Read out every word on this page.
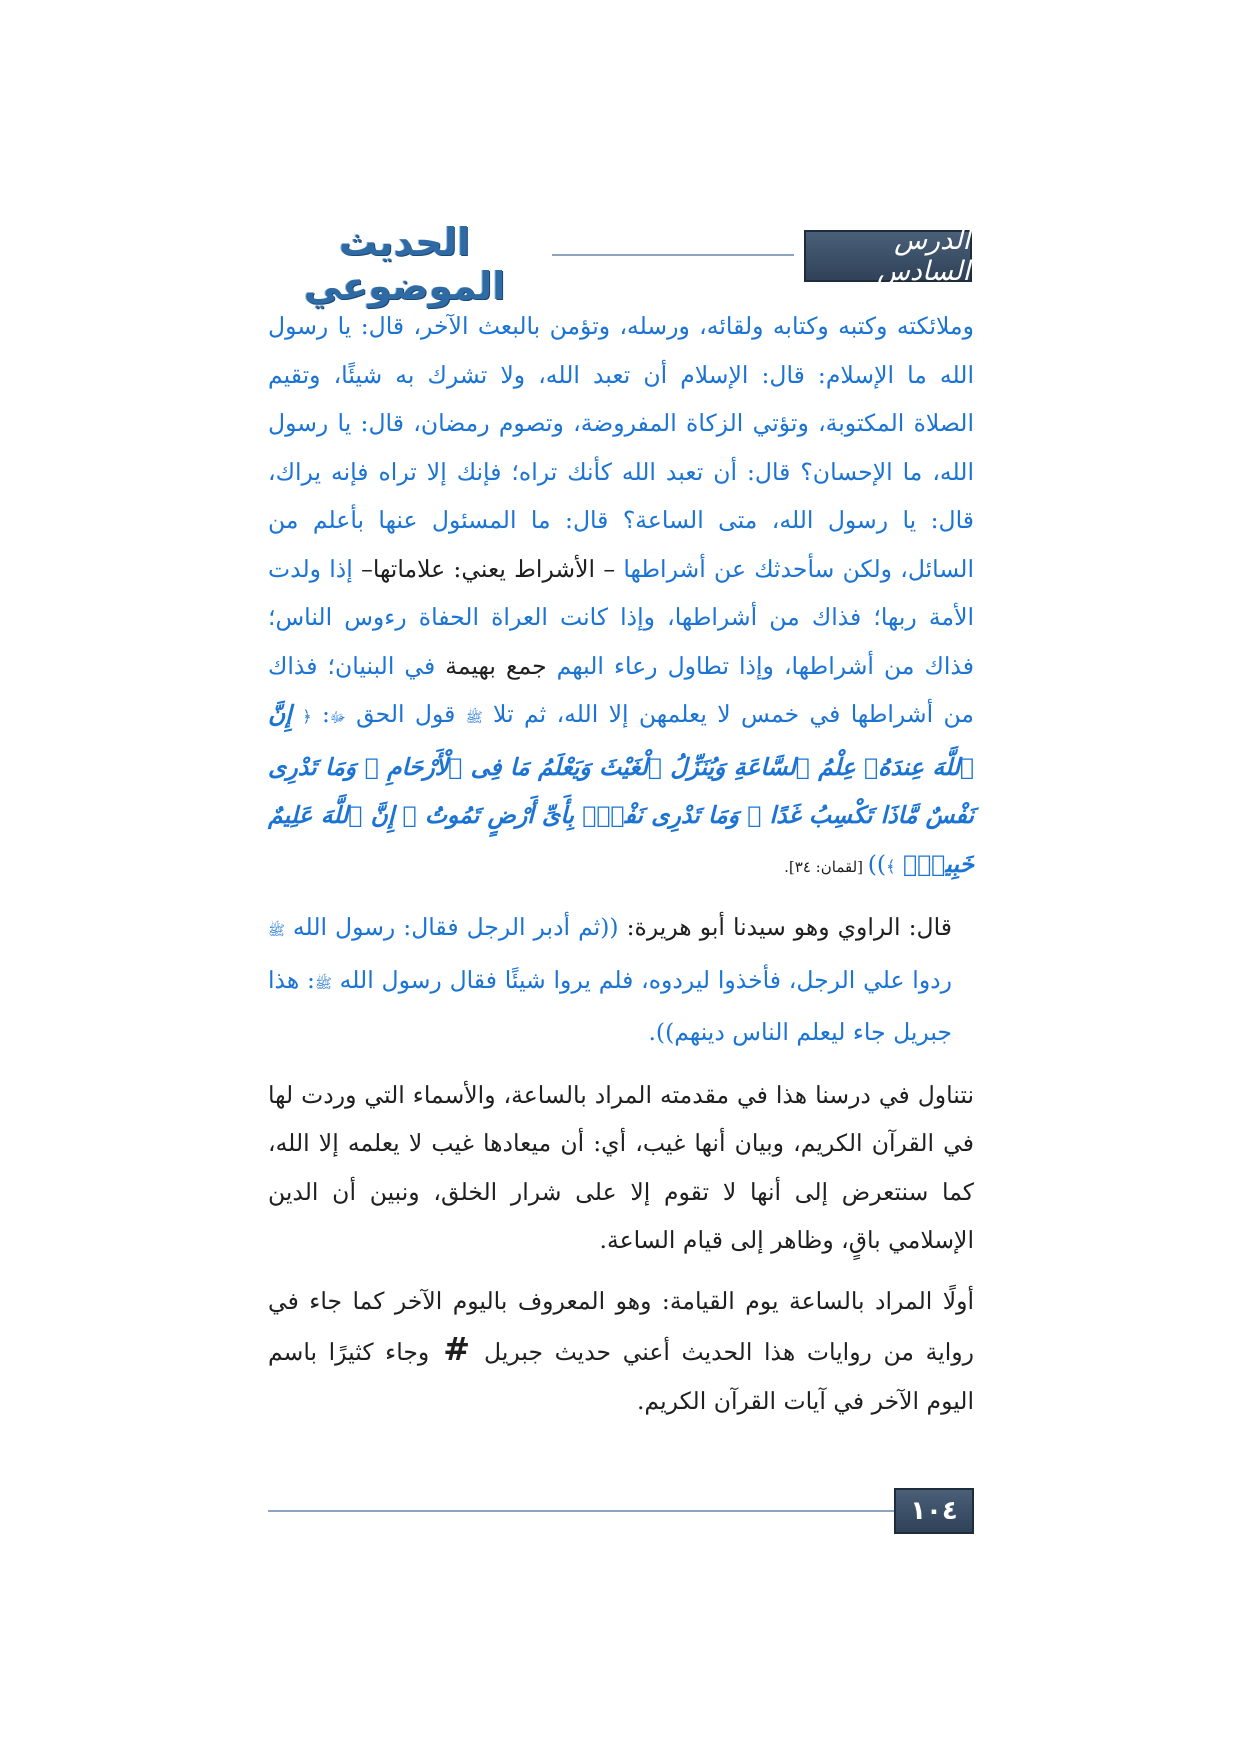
الدرس السادس
الحديث الموضوعي

وملائكته وكتبه وكتابه ولقائه، ورسله، وتؤمن بالبعث الآخر، قال: يا رسول الله ما الإسلام: قال: الإسلام أن تعبد الله، ولا تشرك به شيئًا، وتقيم الصلاة المكتوبة، وتؤتي الزكاة المفروضة، وتصوم رمضان، قال: يا رسول الله، ما الإحسان؟ قال: أن تعبد الله كأنك تراه؛ فإنك إلا تراه فإنه يراك، قال: يا رسول الله، متى الساعة؟ قال: ما المسئول عنها بأعلم من السائل، ولكن سأحدثك عن أشراطها – الأشراط يعني: علاماتها– إذا ولدت الأمة ربها؛ فذاك من أشراطها، وإذا كانت العراة الحفاة رءوس الناس؛ فذاك من أشراطها، وإذا تطاول رعاء البهم جمع بهيمة في البنيان؛ فذاك من أشراطها في خمس لا يعلمهن إلا الله، ثم تلا ﷺ قول الحق ﷻ: ﴿ إِنَّ ٱللَّهَ عِندَهُۥ عِلْمُ ٱلسَّاعَةِ وَيُنَزِّلُ ٱلْغَيْثَ وَيَعْلَمُ مَا فِى ٱلْأَرْحَامِ ۖ وَمَا تَدْرِى نَفْسٌ مَّاذَا تَكْسِبُ غَدًا ۖ وَمَا تَدْرِى نَفْسٌۢ بِأَىِّ أَرْضٍ تَمُوتُ ۚ إِنَّ ٱللَّهَ عَلِيمٌ خَبِيرٌۢ ﴾)) [لقمان: ٣٤].

قال: الراوي وهو سيدنا أبو هريرة: ((ثم أدبر الرجل فقال: رسول الله ﷺ ردوا علي الرجل، فأخذوا ليردوه، فلم يروا شيئًا فقال رسول الله ﷺ: هذا جبريل جاء ليعلم الناس دينهم)).

نتناول في درسنا هذا في مقدمته المراد بالساعة، والأسماء التي وردت لها في القرآن الكريم، وبيان أنها غيب، أي: أن ميعادها غيب لا يعلمه إلا الله، كما سنتعرض إلى أنها لا تقوم إلا على شرار الخلق، ونبين أن الدين الإسلامي باقٍ، وظاهر إلى قيام الساعة.

أولًا المراد بالساعة يوم القيامة: وهو المعروف باليوم الآخر كما جاء في رواية من روايات هذا الحديث أعني حديث جبريل#وجاء كثيرًا باسم اليوم الآخر في آيات القرآن الكريم.

١٠٤
